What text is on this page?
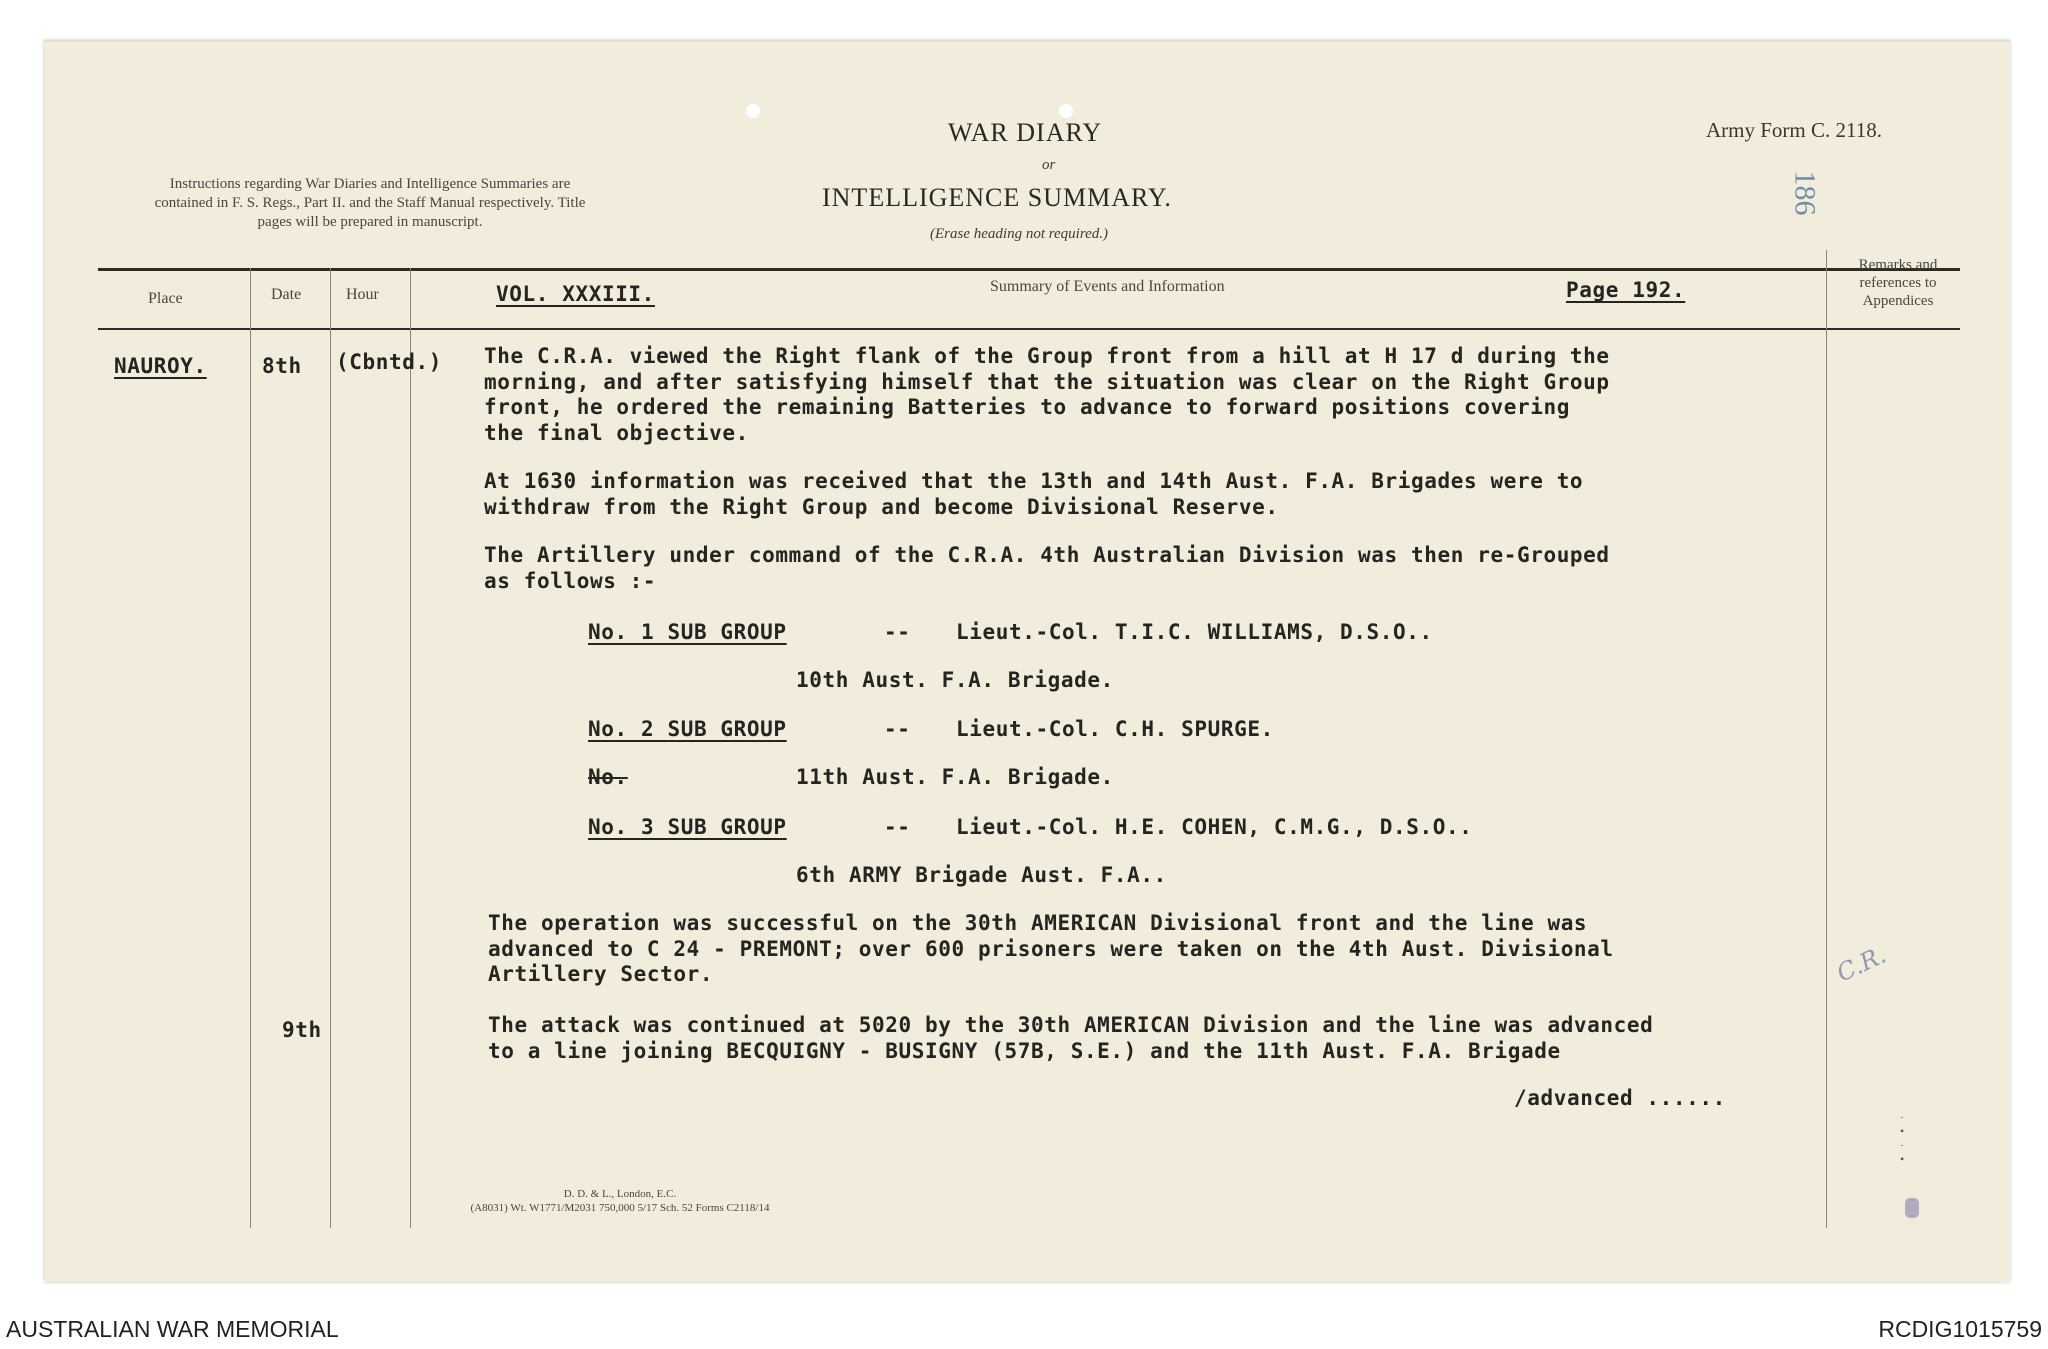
Instructions regarding War Diaries and Intelligence Summaries are contained in F. S. Regs., Part II. and the Staff Manual respectively. Title pages will be prepared in manuscript.
WAR DIARY
or
INTELLIGENCE SUMMARY.
(Erase heading not required.)
Army Form C. 2118.
186
Place	Date	Hour	VOL. XXXIII.	Summary of Events and Information	Page 192.
Remarks and references to Appendices
NAUROY.	8th (Cbntd.)
9th
The C.R.A. viewed the Right flank of the Group front from a hill at H 17 d during the
morning, and after satisfying himself that the situation was clear on the Right Group
front, he ordered the remaining Batteries to advance to forward positions covering
the final objective.
At 1630 information was received that the 13th and 14th Aust. F.A. Brigades were to
withdraw from the Right Group and become Divisional Reserve.
The Artillery under command of the C.R.A. 4th Australian Division was then re-Grouped
as follows :-
No. 1 SUB GROUP	-- Lieut.-Col. T.I.C. WILLIAMS, D.S.O..
10th Aust. F.A. Brigade.
No. 2 SUB GROUP	-- Lieut.-Col. C.H. SPURGE.
No.	11th Aust. F.A. Brigade.
No. 3 SUB GROUP	-- Lieut.-Col. H.E. COHEN, C.M.G., D.S.O..
6th ARMY Brigade Aust. F.A..
The operation was successful on the 30th AMERICAN Divisional front and the line was
advanced to C 24 - PREMONT; over 600 prisoners were taken on the 4th Aust. Divisional
Artillery Sector.
The attack was continued at 5020 by the 30th AMERICAN Division and the line was advanced
to a line joining BECQUIGNY - BUSIGNY (57B, S.E.) and the 11th Aust. F.A. Brigade
/advanced ......
C.R.
·
•
·
•
D. D. & L., London, E.C.
(A8031) Wt. W1771/M2031 750,000 5/17 Sch. 52 Forms C2118/14
AUSTRALIAN WAR MEMORIAL	RCDIG1015759
